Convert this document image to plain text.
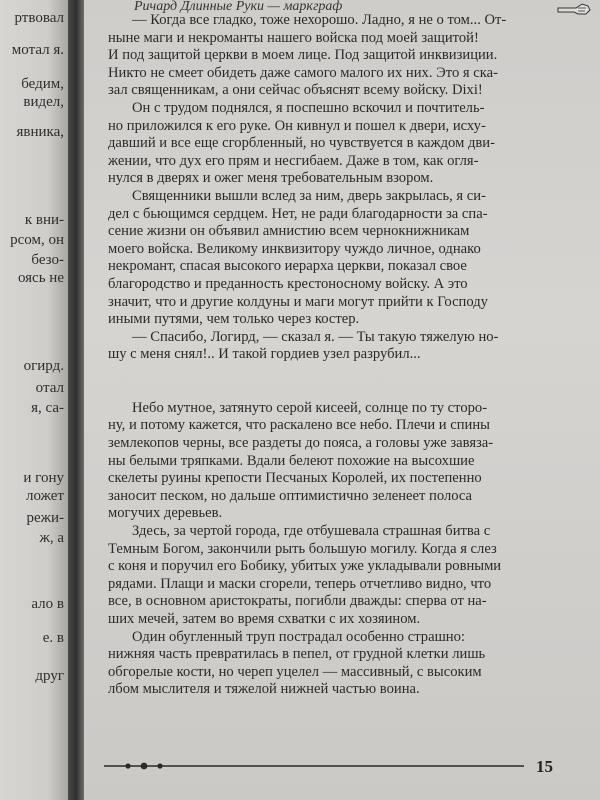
ртвовал
мотал я.
бедим,
видел,
явника,
к вни-
рсом, он
безо-
оясь не
огирд.
отал
я, са-
и гону
ложет
режи-
ж, а
ало в
е. в
друг
Ричард Длинные Руки — маркграф
— Когда все гладко, тоже нехорошо. Ладно, я не о том... От-
ныне маги и некроманты нашего войска под моей защитой!
И под защитой церкви в моем лице. Под защитой инквизиции.
Никто не смеет обидеть даже самого малого их них. Это я ска-
зал священникам, а они сейчас объяснят всему войску. Dixi!
Он с трудом поднялся, я поспешно вскочил и почтитель-
но приложился к его руке. Он кивнул и пошел к двери, исху-
давший и все еще сгорбленный, но чувствуется в каждом дви-
жении, что дух его прям и несгибаем. Даже в том, как огля-
нулся в дверях и ожег меня требовательным взором.
Священники вышли вслед за ним, дверь закрылась, я си-
дел с бьющимся сердцем. Нет, не ради благодарности за спа-
сение жизни он объявил амнистию всем чернокнижникам
моего войска. Великому инквизитору чуждо личное, однако
некромант, спасая высокого иерарха церкви, показал свое
благородство и преданность крестоносному войску. А это
значит, что и другие колдуны и маги могут прийти к Господу
иными путями, чем только через костер.
— Спасибо, Логирд, — сказал я. — Ты такую тяжелую но-
шу с меня снял!.. И такой гордиев узел разрубил...
Небо мутное, затянуто серой кисеей, солнце по ту сторо-
ну, и потому кажется, что раскалено все небо. Плечи и спины
землекопов черны, все раздеты до пояса, а головы уже завяза-
ны белыми тряпками. Вдали белеют похожие на высохшие
скелеты руины крепости Песчаных Королей, их постепенно
заносит песком, но дальше оптимистично зеленеет полоса
могучих деревьев.
Здесь, за чертой города, где отбушевала страшная битва с
Темным Богом, закончили рыть большую могилу. Когда я слез
с коня и поручил его Бобику, убитых уже укладывали ровными
рядами. Плащи и маски сгорели, теперь отчетливо видно, что
все, в основном аристократы, погибли дважды: сперва от на-
ших мечей, затем во время схватки с их хозяином.
Один обугленный труп пострадал особенно страшно:
нижняя часть превратилась в пепел, от грудной клетки лишь
обгорелые кости, но череп уцелел — массивный, с высоким
лбом мыслителя и тяжелой нижней частью воина.
15
